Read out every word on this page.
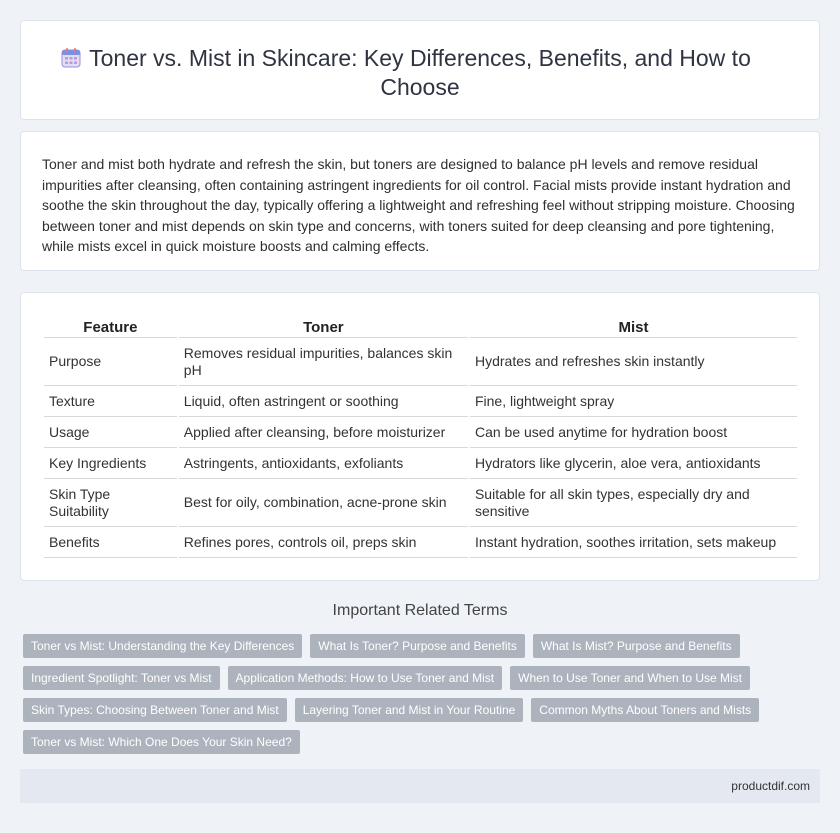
Toner vs. Mist in Skincare: Key Differences, Benefits, and How to Choose

Toner and mist both hydrate and refresh the skin, but toners are designed to balance pH levels and remove residual impurities after cleansing, often containing astringent ingredients for oil control. Facial mists provide instant hydration and soothe the skin throughout the day, typically offering a lightweight and refreshing feel without stripping moisture. Choosing between toner and mist depends on skin type and concerns, with toners suited for deep cleansing and pore tightening, while mists excel in quick moisture boosts and calming effects.

Feature	Toner	Mist
Purpose	Removes residual impurities, balances skin pH	Hydrates and refreshes skin instantly
Texture	Liquid, often astringent or soothing	Fine, lightweight spray
Usage	Applied after cleansing, before moisturizer	Can be used anytime for hydration boost
Key Ingredients	Astringents, antioxidants, exfoliants	Hydrators like glycerin, aloe vera, antioxidants
Skin Type Suitability	Best for oily, combination, acne-prone skin	Suitable for all skin types, especially dry and sensitive
Benefits	Refines pores, controls oil, preps skin	Instant hydration, soothes irritation, sets makeup
Important Related Terms
Toner vs Mist: Understanding the Key Differences	What Is Toner? Purpose and Benefits	What Is Mist? Purpose and Benefits
Ingredient Spotlight: Toner vs Mist	Application Methods: How to Use Toner and Mist	When to Use Toner and When to Use Mist
Skin Types: Choosing Between Toner and Mist	Layering Toner and Mist in Your Routine	Common Myths About Toners and Mists
Toner vs Mist: Which One Does Your Skin Need?
productdif.com
